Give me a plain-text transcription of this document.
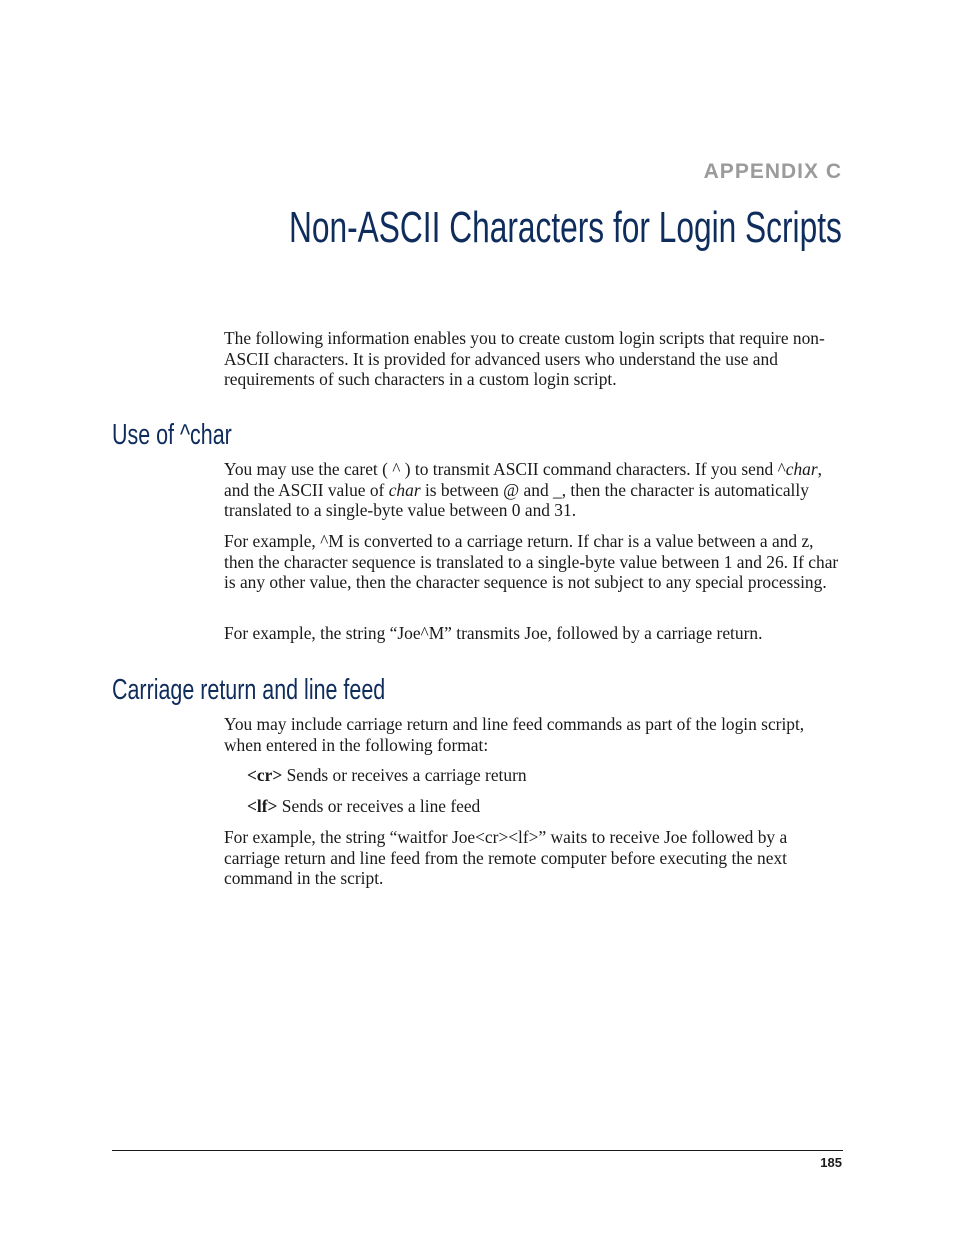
APPENDIX C
Non-ASCII Characters for Login Scripts

The following information enables you to create custom login scripts that require non-ASCII characters. It is provided for advanced users who understand the use and requirements of such characters in a custom login script.

Use of ^char

You may use the caret ( ^ ) to transmit ASCII command characters. If you send ^char, and the ASCII value of char is between @ and _, then the character is automatically translated to a single-byte value between 0 and 31.

For example, ^M is converted to a carriage return. If char is a value between a and z, then the character sequence is translated to a single-byte value between 1 and 26. If char is any other value, then the character sequence is not subject to any special processing.

For example, the string “Joe^M” transmits Joe, followed by a carriage return.

Carriage return and line feed

You may include carriage return and line feed commands as part of the login script, when entered in the following format:

<cr> Sends or receives a carriage return

<lf> Sends or receives a line feed

For example, the string “waitfor Joe<cr><lf>” waits to receive Joe followed by a carriage return and line feed from the remote computer before executing the next command in the script.

185
